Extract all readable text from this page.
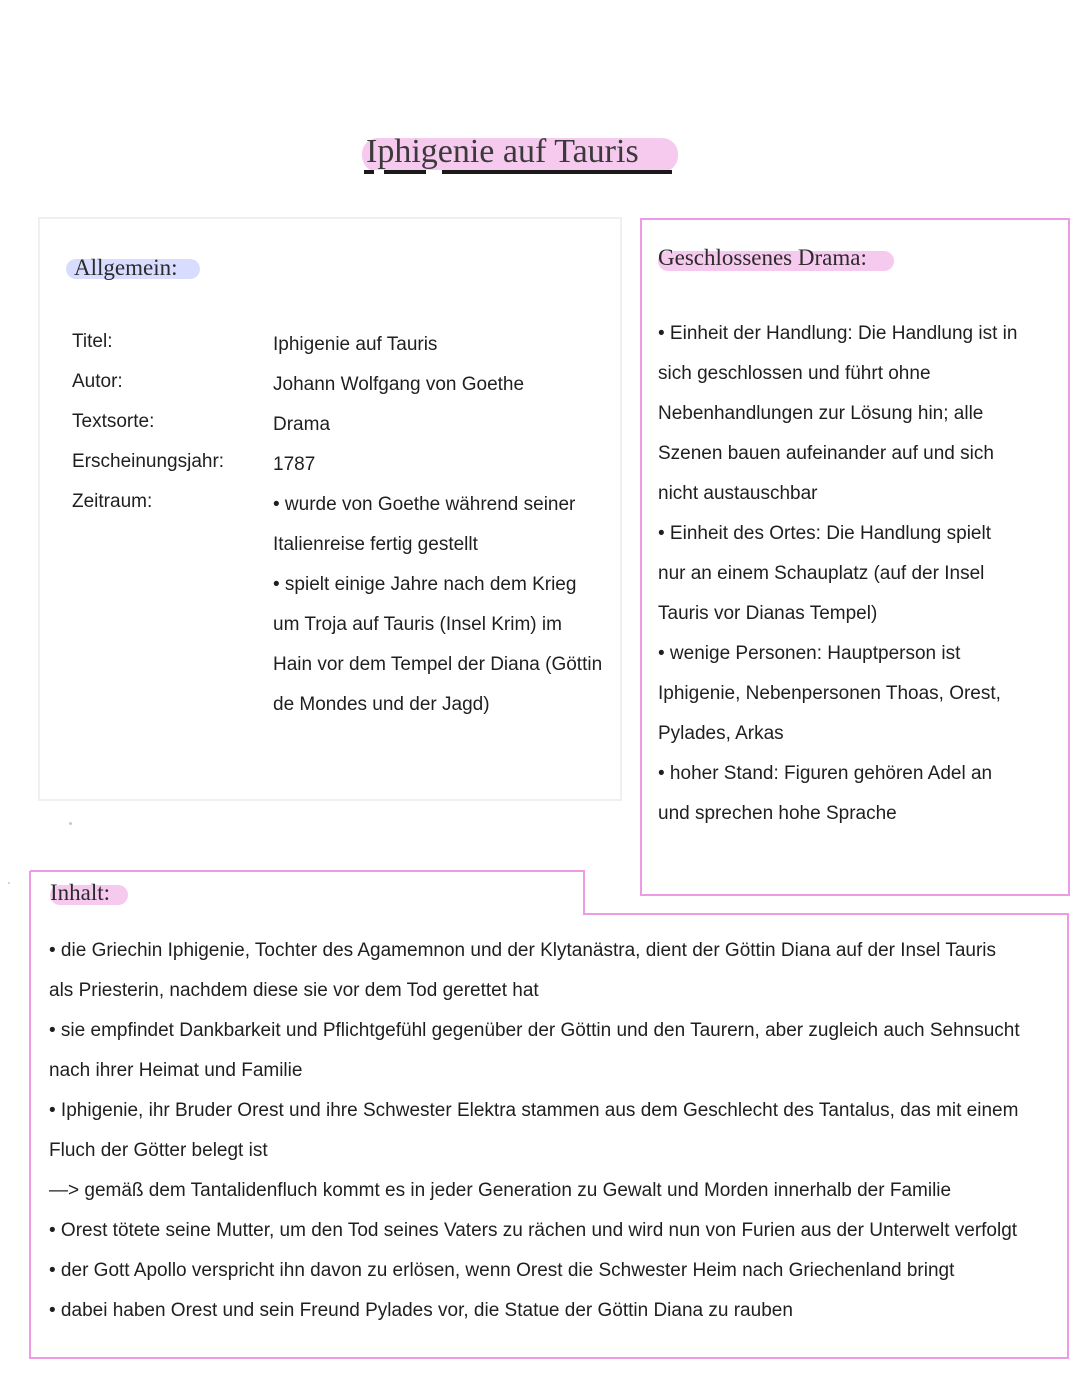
Iphigenie auf Tauris
Allgemein:
Titel:	Iphigenie auf Tauris
Autor:	Johann Wolfgang von Goethe
Textsorte:	Drama
Erscheinungsjahr:	1787
Zeitraum:	• wurde von Goethe während seiner
Italienreise fertig gestellt
• spielt einige Jahre nach dem Krieg
um Troja auf Tauris (Insel Krim) im
Hain vor dem Tempel der Diana (Göttin
de Mondes und der Jagd)
Geschlossenes Drama:
• Einheit der Handlung: Die Handlung ist in
sich geschlossen und führt ohne
Nebenhandlungen zur Lösung hin; alle
Szenen bauen aufeinander auf und sich
nicht austauschbar
• Einheit des Ortes: Die Handlung spielt
nur an einem Schauplatz (auf der Insel
Tauris vor Dianas Tempel)
• wenige Personen: Hauptperson ist
Iphigenie, Nebenpersonen Thoas, Orest,
Pylades, Arkas
• hoher Stand: Figuren gehören Adel an
und sprechen hohe Sprache
Inhalt:
• die Griechin Iphigenie, Tochter des Agamemnon und der Klytanästra, dient der Göttin Diana auf der Insel Tauris
als Priesterin, nachdem diese sie vor dem Tod gerettet hat
• sie empfindet Dankbarkeit und Pflichtgefühl gegenüber der Göttin und den Taurern, aber zugleich auch Sehnsucht
nach ihrer Heimat und Familie
• Iphigenie, ihr Bruder Orest und ihre Schwester Elektra stammen aus dem Geschlecht des Tantalus, das mit einem
Fluch der Götter belegt ist
—> gemäß dem Tantalidenfluch kommt es in jeder Generation zu Gewalt und Morden innerhalb der Familie
• Orest tötete seine Mutter, um den Tod seines Vaters zu rächen und wird nun von Furien aus der Unterwelt verfolgt
• der Gott Apollo verspricht ihn davon zu erlösen, wenn Orest die Schwester Heim nach Griechenland bringt
• dabei haben Orest und sein Freund Pylades vor, die Statue der Göttin Diana zu rauben
